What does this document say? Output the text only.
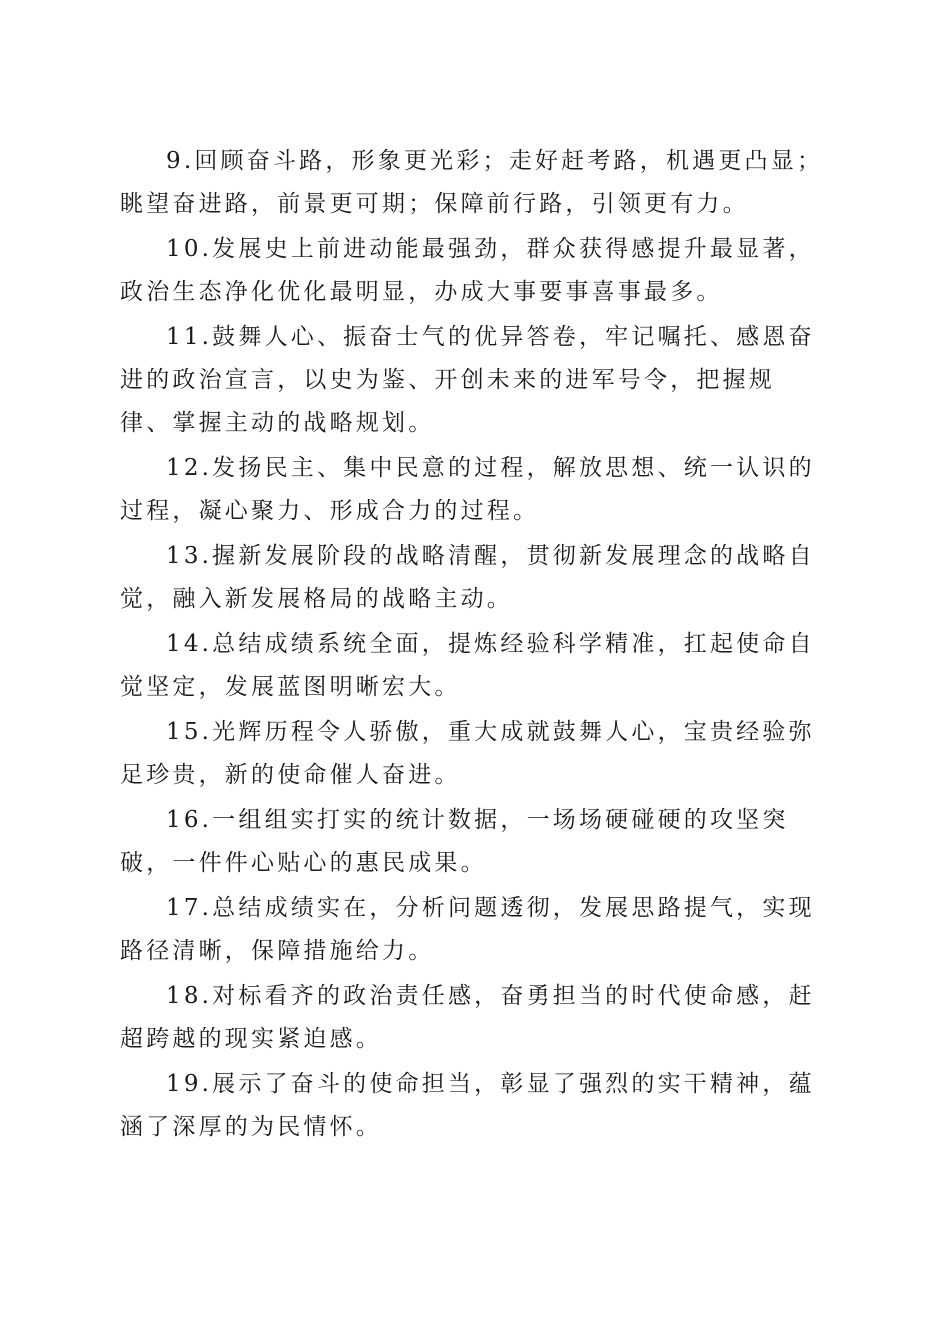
9.回顾奋斗路，形象更光彩；走好赶考路，机遇更凸显；眺望奋进路，前景更可期；保障前行路，引领更有力。

10.发展史上前进动能最强劲，群众获得感提升最显著，政治生态净化优化最明显，办成大事要事喜事最多。

11.鼓舞人心、振奋士气的优异答卷，牢记嘱托、感恩奋进的政治宣言，以史为鉴、开创未来的进军号令，把握规律、掌握主动的战略规划。

12.发扬民主、集中民意的过程，解放思想、统一认识的过程，凝心聚力、形成合力的过程。

13.握新发展阶段的战略清醒，贯彻新发展理念的战略自觉，融入新发展格局的战略主动。

14.总结成绩系统全面，提炼经验科学精准，扛起使命自觉坚定，发展蓝图明晰宏大。

15.光辉历程令人骄傲，重大成就鼓舞人心，宝贵经验弥足珍贵，新的使命催人奋进。

16.一组组实打实的统计数据，一场场硬碰硬的攻坚突破，一件件心贴心的惠民成果。

17.总结成绩实在，分析问题透彻，发展思路提气，实现路径清晰，保障措施给力。

18.对标看齐的政治责任感，奋勇担当的时代使命感，赶超跨越的现实紧迫感。

19.展示了奋斗的使命担当，彰显了强烈的实干精神，蕴涵了深厚的为民情怀。
